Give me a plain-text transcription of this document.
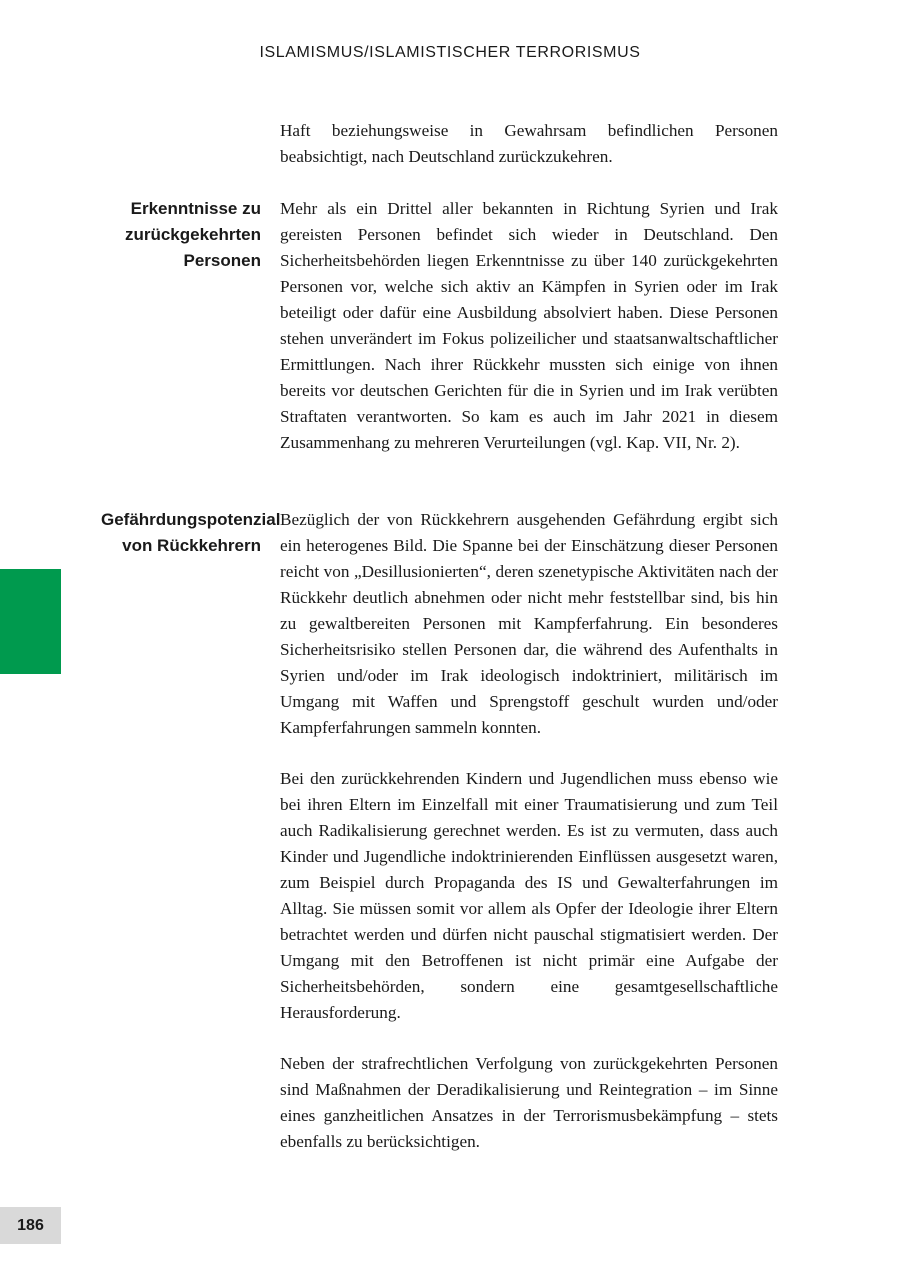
ISLAMISMUS/ISLAMISTISCHER TERRORISMUS

Haft beziehungsweise in Gewahrsam befindlichen Personen beabsichtigt, nach Deutschland zurückzukehren.

Erkenntnisse zu zurückgekehrten Personen

Mehr als ein Drittel aller bekannten in Richtung Syrien und Irak gereisten Personen befindet sich wieder in Deutschland. Den Sicherheitsbehörden liegen Erkenntnisse zu über 140 zurückgekehrten Personen vor, welche sich aktiv an Kämpfen in Syrien oder im Irak beteiligt oder dafür eine Ausbildung absolviert haben. Diese Personen stehen unverändert im Fokus polizeilicher und staatsanwaltschaftlicher Ermittlungen. Nach ihrer Rückkehr mussten sich einige von ihnen bereits vor deutschen Gerichten für die in Syrien und im Irak verübten Straftaten verantworten. So kam es auch im Jahr 2021 in diesem Zusammenhang zu mehreren Verurteilungen (vgl. Kap. VII, Nr. 2).

Gefährdungspotenzial von Rückkehrern

Bezüglich der von Rückkehrern ausgehenden Gefährdung ergibt sich ein heterogenes Bild. Die Spanne bei der Einschätzung dieser Personen reicht von „Desillusionierten“, deren szenetypische Aktivitäten nach der Rückkehr deutlich abnehmen oder nicht mehr feststellbar sind, bis hin zu gewaltbereiten Personen mit Kampferfahrung. Ein besonderes Sicherheitsrisiko stellen Personen dar, die während des Aufenthalts in Syrien und/oder im Irak ideologisch indoktriniert, militärisch im Umgang mit Waffen und Sprengstoff geschult wurden und/oder Kampferfahrungen sammeln konnten.

Bei den zurückkehrenden Kindern und Jugendlichen muss ebenso wie bei ihren Eltern im Einzelfall mit einer Traumatisierung und zum Teil auch Radikalisierung gerechnet werden. Es ist zu vermuten, dass auch Kinder und Jugendliche indoktrinierenden Einflüssen ausgesetzt waren, zum Beispiel durch Propaganda des IS und Gewalterfahrungen im Alltag. Sie müssen somit vor allem als Opfer der Ideologie ihrer Eltern betrachtet werden und dürfen nicht pauschal stigmatisiert werden. Der Umgang mit den Betroffenen ist nicht primär eine Aufgabe der Sicherheitsbehörden, sondern eine gesamtgesellschaftliche Herausforderung.

Neben der strafrechtlichen Verfolgung von zurückgekehrten Personen sind Maßnahmen der Deradikalisierung und Reintegration – im Sinne eines ganzheitlichen Ansatzes in der Terrorismusbekämpfung – stets ebenfalls zu berücksichtigen.

186
